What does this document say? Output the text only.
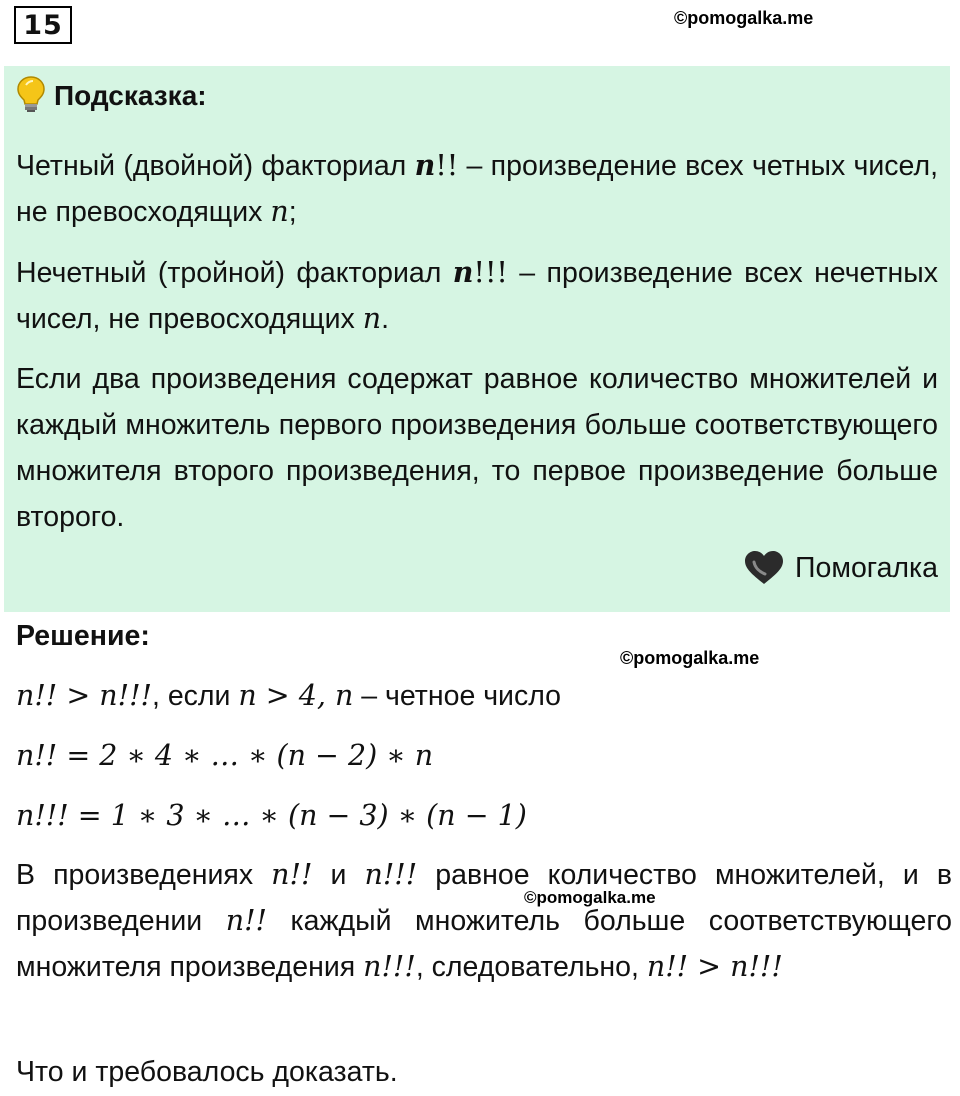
15	©pomogalka.me
Подсказка:

Четный (двойной) факториал n!! – произведение всех четных чисел, не превосходящих n;

Нечетный (тройной) факториал n!!! – произведение всех нечетных чисел, не превосходящих n.

Если два произведения содержат равное количество множителей и каждый множитель первого произведения больше соответствующего множителя второго произведения, то первое произведение больше второго.

Помогалка
Решение:
©pomogalka.me
n!! > n!!!, если n > 4, n – четное число
n!! = 2 ∗ 4 ∗ … ∗ (n − 2) ∗ n
n!!! = 1 ∗ 3 ∗ … ∗ (n − 3) ∗ (n − 1)

В произведениях n!! и n!!! равное количество множителей, и в произведении n!! каждый множитель больше соответствующего множителя произведения n!!!, следовательно, n!! > n!!!

©pomogalka.me
Что и требовалось доказать.
